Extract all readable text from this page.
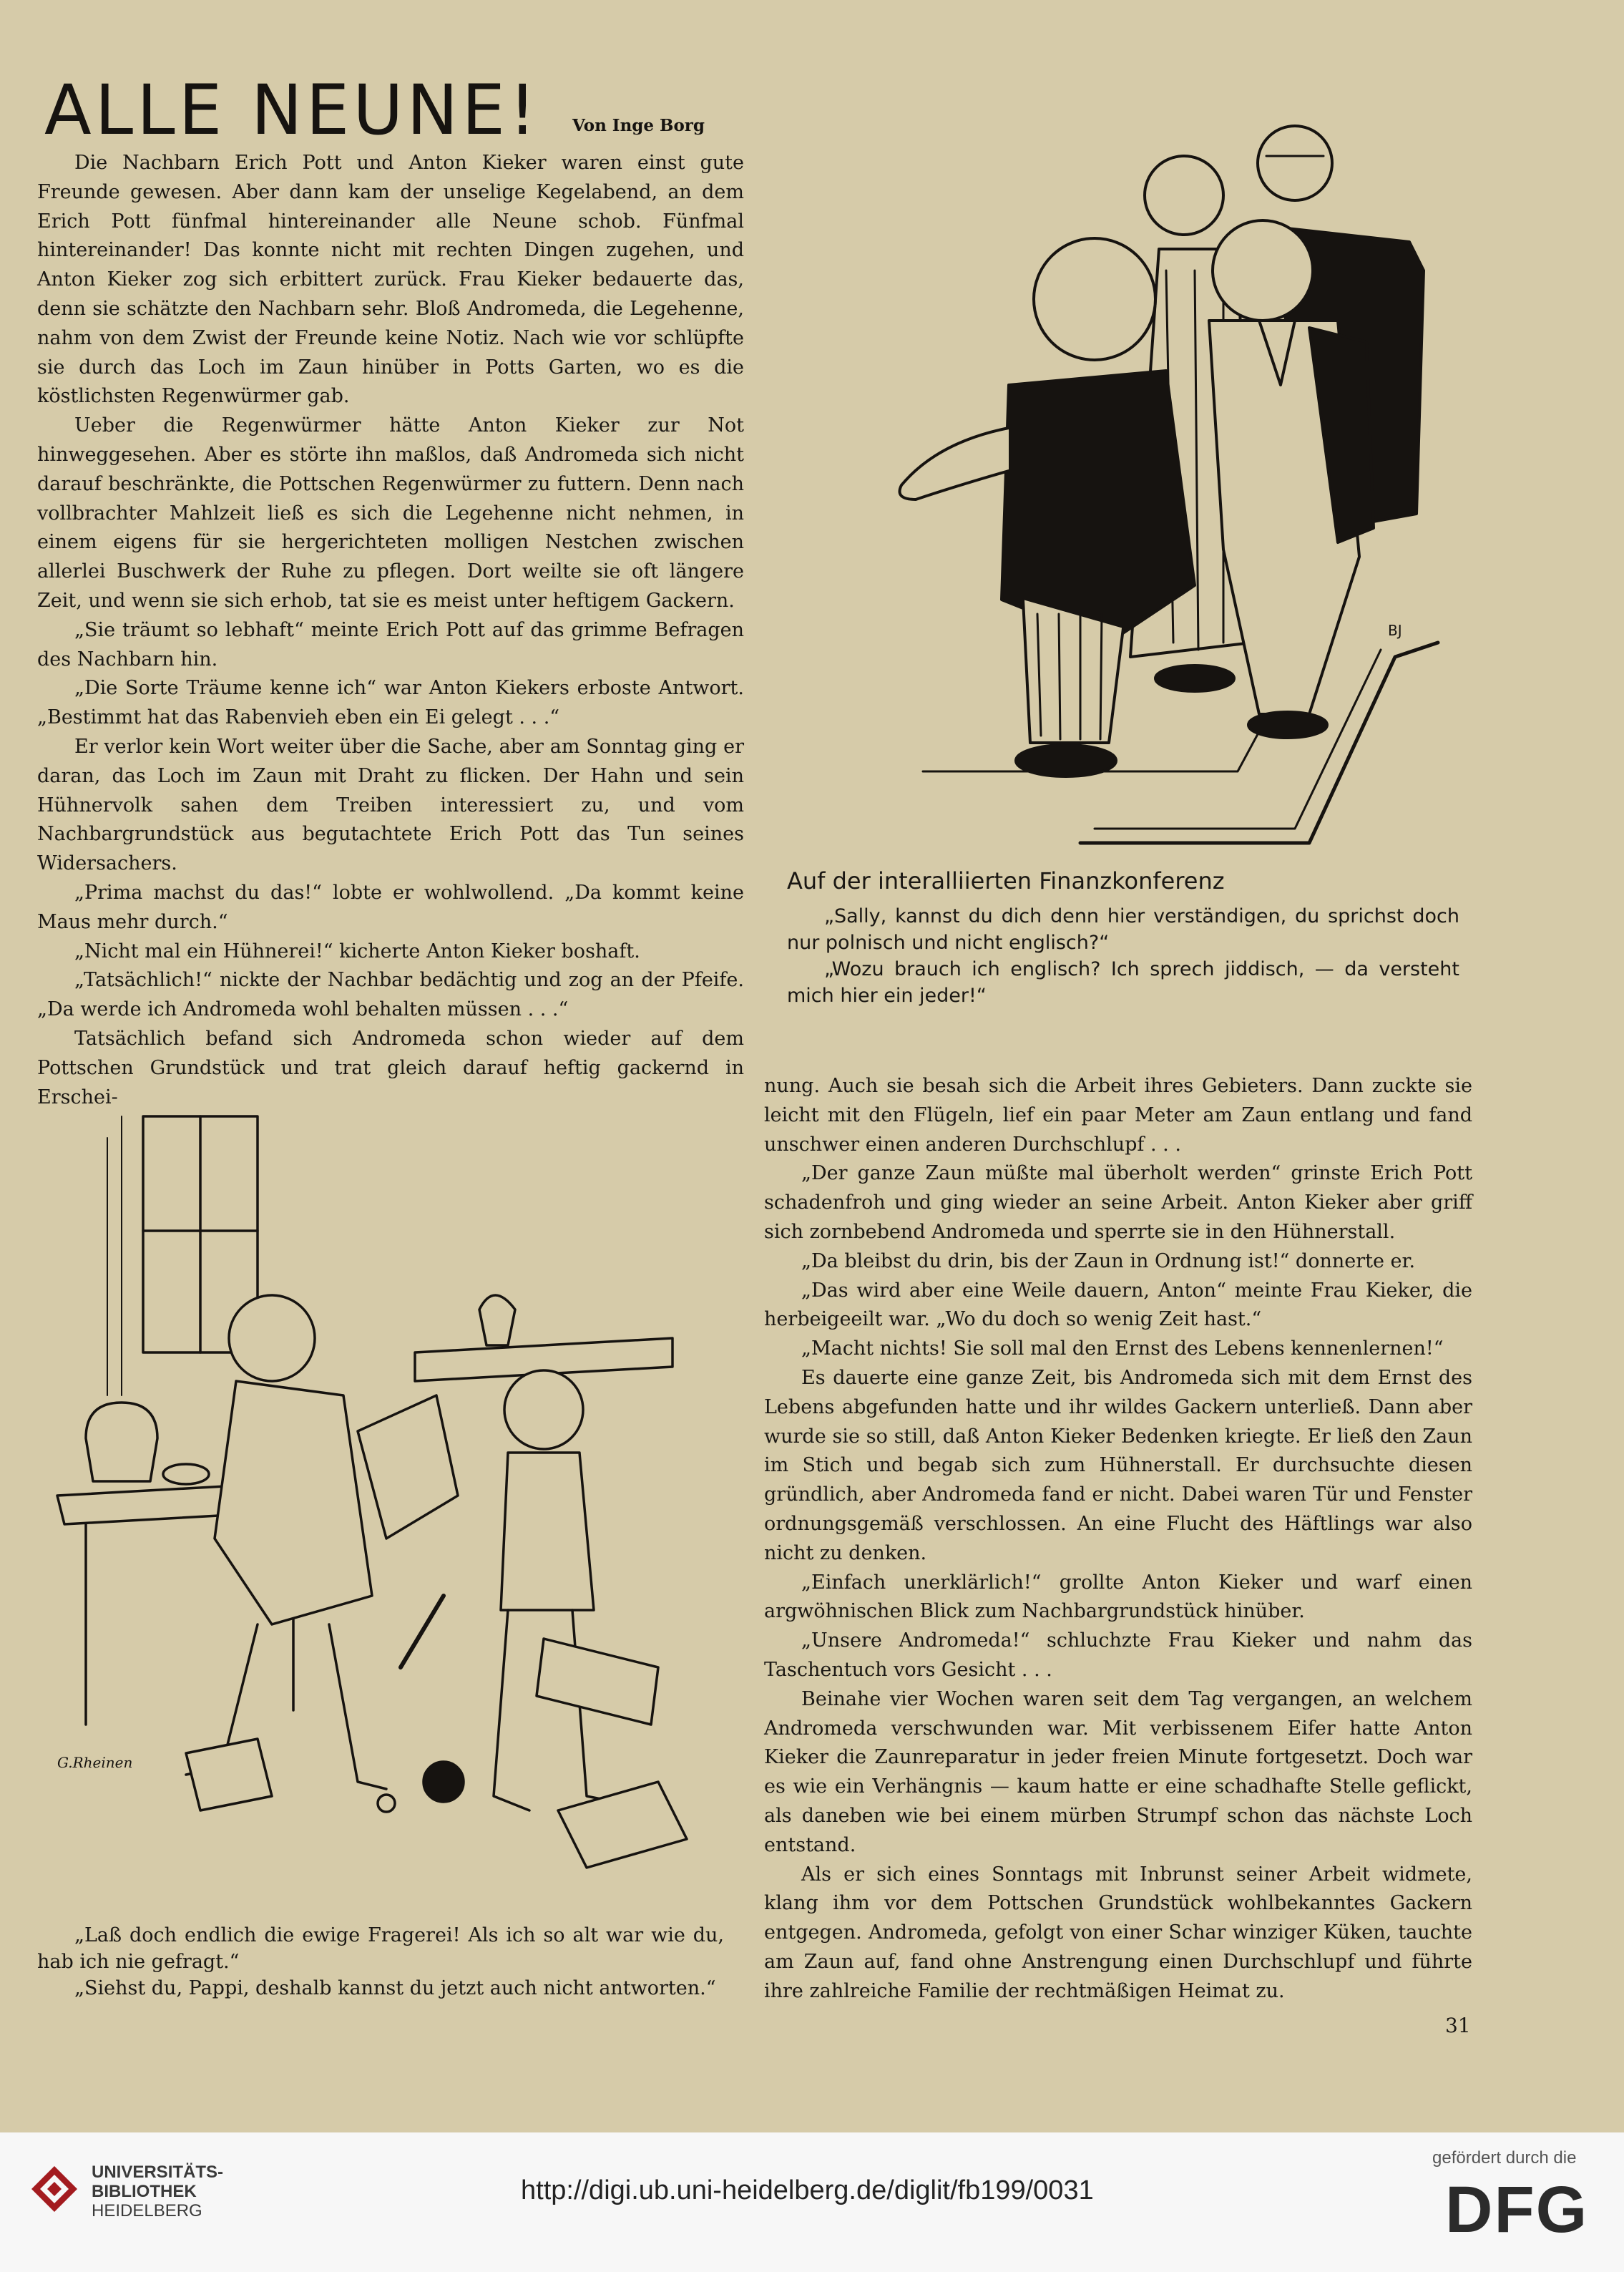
ALLE NEUNE! Von Inge Borg

Die Nachbarn Erich Pott und Anton Kieker waren einst gute Freunde gewesen. Aber dann kam der unselige Kegelabend, an dem Erich Pott fünfmal hintereinander alle Neune schob. Fünfmal hintereinander! Das konnte nicht mit rechten Dingen zugehen, und Anton Kieker zog sich erbittert zurück. Frau Kieker bedauerte das, denn sie schätzte den Nachbarn sehr. Bloß Andromeda, die Legehenne, nahm von dem Zwist der Freunde keine Notiz. Nach wie vor schlüpfte sie durch das Loch im Zaun hinüber in Potts Garten, wo es die köstlichsten Regenwürmer gab.

Ueber die Regenwürmer hätte Anton Kieker zur Not hinweggesehen. Aber es störte ihn maßlos, daß Andromeda sich nicht darauf beschränkte, die Pottschen Regenwürmer zu futtern. Denn nach vollbrachter Mahlzeit ließ es sich die Legehenne nicht nehmen, in einem eigens für sie hergerichteten molligen Nestchen zwischen allerlei Buschwerk der Ruhe zu pflegen. Dort weilte sie oft längere Zeit, und wenn sie sich erhob, tat sie es meist unter heftigem Gackern.

„Sie träumt so lebhaft“ meinte Erich Pott auf das grimme Befragen des Nachbarn hin.

„Die Sorte Träume kenne ich“ war Anton Kiekers erboste Antwort. „Bestimmt hat das Rabenvieh eben ein Ei gelegt . . .“

Er verlor kein Wort weiter über die Sache, aber am Sonntag ging er daran, das Loch im Zaun mit Draht zu flicken. Der Hahn und sein Hühnervolk sahen dem Treiben interessiert zu, und vom Nachbargrundstück aus begutachtete Erich Pott das Tun seines Widersachers.

„Prima machst du das!“ lobte er wohlwollend. „Da kommt keine Maus mehr durch.“

„Nicht mal ein Hühnerei!“ kicherte Anton Kieker boshaft.

„Tatsächlich!“ nickte der Nachbar bedächtig und zog an der Pfeife. „Da werde ich Andromeda wohl behalten müssen . . .“

Tatsächlich befand sich Andromeda schon wieder auf dem Pottschen Grundstück und trat gleich darauf heftig gackernd in Erschei-

BJ
Auf der interalliierten Finanzkonferenz

„Sally, kannst du dich denn hier verständigen, du sprichst doch nur polnisch und nicht englisch?“

„Wozu brauch ich englisch? Ich sprech jiddisch, — da versteht mich hier ein jeder!“

G.Rheinen

„Laß doch endlich die ewige Fragerei! Als ich so alt war wie du, hab ich nie gefragt.“

„Siehst du, Pappi, deshalb kannst du jetzt auch nicht antworten.“

nung. Auch sie besah sich die Arbeit ihres Gebieters. Dann zuckte sie leicht mit den Flügeln, lief ein paar Meter am Zaun entlang und fand unschwer einen anderen Durchschlupf . . .

„Der ganze Zaun müßte mal überholt werden“ grinste Erich Pott schadenfroh und ging wieder an seine Arbeit. Anton Kieker aber griff sich zornbebend Andromeda und sperrte sie in den Hühnerstall.

„Da bleibst du drin, bis der Zaun in Ordnung ist!“ donnerte er.

„Das wird aber eine Weile dauern, Anton“ meinte Frau Kieker, die herbeigeeilt war. „Wo du doch so wenig Zeit hast.“

„Macht nichts! Sie soll mal den Ernst des Lebens kennenlernen!“

Es dauerte eine ganze Zeit, bis Andromeda sich mit dem Ernst des Lebens abgefunden hatte und ihr wildes Gackern unterließ. Dann aber wurde sie so still, daß Anton Kieker Bedenken kriegte. Er ließ den Zaun im Stich und begab sich zum Hühnerstall. Er durchsuchte diesen gründlich, aber Andromeda fand er nicht. Dabei waren Tür und Fenster ordnungsgemäß verschlossen. An eine Flucht des Häftlings war also nicht zu denken.

„Einfach unerklärlich!“ grollte Anton Kieker und warf einen argwöhnischen Blick zum Nachbargrundstück hinüber.

„Unsere Andromeda!“ schluchzte Frau Kieker und nahm das Taschentuch vors Gesicht . . .

Beinahe vier Wochen waren seit dem Tag vergangen, an welchem Andromeda verschwunden war. Mit verbissenem Eifer hatte Anton Kieker die Zaunreparatur in jeder freien Minute fortgesetzt. Doch war es wie ein Verhängnis — kaum hatte er eine schadhafte Stelle geflickt, als daneben wie bei einem mürben Strumpf schon das nächste Loch entstand.

Als er sich eines Sonntags mit Inbrunst seiner Arbeit widmete, klang ihm vor dem Pottschen Grundstück wohlbekanntes Gackern entgegen. Andromeda, gefolgt von einer Schar winziger Küken, tauchte am Zaun auf, fand ohne Anstrengung einen Durchschlupf und führte ihre zahlreiche Familie der rechtmäßigen Heimat zu.

31
UNIVERSITÄTS-
BIBLIOTHEK
HEIDELBERG
http://digi.ub.uni-heidelberg.de/diglit/fb199/0031
gefördert durch die
DFG
